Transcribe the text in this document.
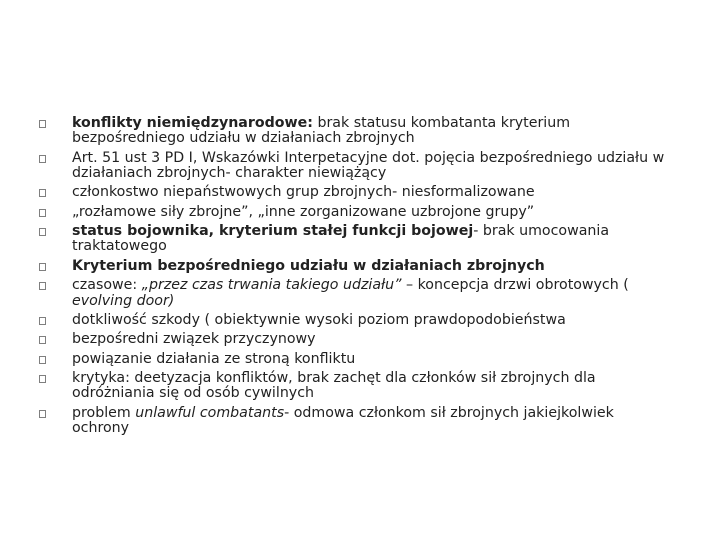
konflikty niemiędzynarodowe: brak statusu kombatanta kryterium bezpośredniego udziału w działaniach zbrojnych
Art. 51 ust 3 PD I, Wskazówki Interpetacyjne dot. pojęcia bezpośredniego udziału w działaniach zbrojnych- charakter niewiążący
członkostwo niepaństwowych grup zbrojnych- niesformalizowane
„rozłamowe siły zbrojne”, „inne zorganizowane uzbrojone grupy”
status bojownika, kryterium stałej funkcji bojowej- brak umocowania traktatowego
Kryterium bezpośredniego udziału w działaniach zbrojnych
czasowe: „przez czas trwania takiego udziału” – koncepcja drzwi obrotowych ( evolving door)
dotkliwość szkody ( obiektywnie wysoki poziom prawdopodobieństwa
bezpośredni związek przyczynowy
powiązanie działania ze stroną konfliktu
krytyka: deetyzacja konfliktów, brak zachęt dla członków sił zbrojnych dla odróżniania się od osób cywilnych
problem unlawful combatants- odmowa członkom sił zbrojnych jakiejkolwiek ochrony
